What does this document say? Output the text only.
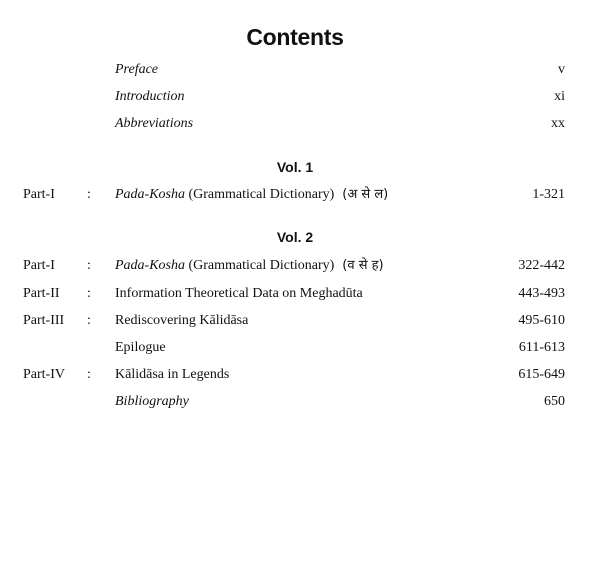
Contents
Preface	v
Introduction	xi
Abbreviations	xx
Vol. 1
Part-I : Pada-Kosha (Grammatical Dictionary) (अ से ल)	1-321
Vol. 2
Part-I : Pada-Kosha (Grammatical Dictionary) (व से ह)	322-442
Part-II : Information Theoretical Data on Meghadūta	443-493
Part-III : Rediscovering Kālidāsa	495-610
Epilogue	611-613
Part-IV : Kālidāsa in Legends	615-649
Bibliography	650
